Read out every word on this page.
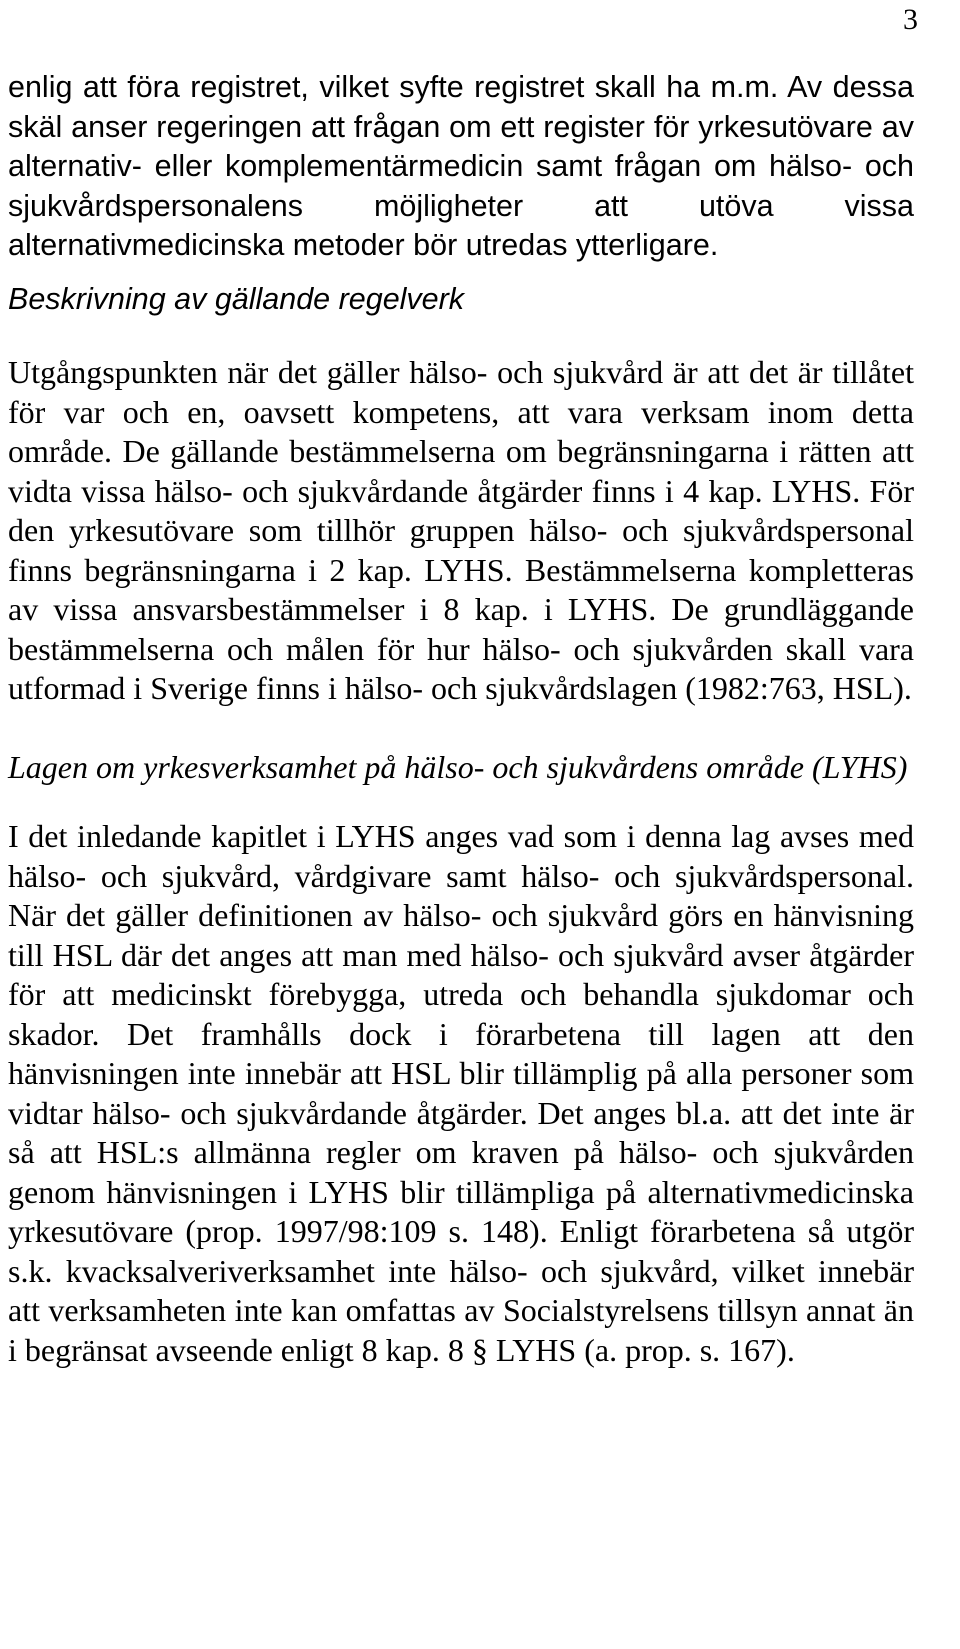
3

enlig att föra registret, vilket syfte registret skall ha m.m. Av dessa skäl anser regeringen att frågan om ett register för yrkesutövare av alternativ- eller komplementärmedicin samt frågan om hälso- och sjukvårdspersonalens möjligheter att utöva vissa alternativmedicinska metoder bör utredas ytterligare.

Beskrivning av gällande regelverk

Utgångspunkten när det gäller hälso- och sjukvård är att det är tillåtet för var och en, oavsett kompetens, att vara verksam inom detta område. De gällande bestämmelserna om begränsningarna i rätten att vidta vissa hälso- och sjukvårdande åtgärder finns i 4 kap. LYHS. För den yrkesutövare som tillhör gruppen hälso- och sjukvårdspersonal finns begränsningarna i 2 kap. LYHS. Bestämmelserna kompletteras av vissa ansvarsbestämmelser i 8 kap. i LYHS. De grundläggande bestämmelserna och målen för hur hälso- och sjukvården skall vara utformad i Sverige finns i hälso- och sjukvårdslagen (1982:763, HSL).

Lagen om yrkesverksamhet på hälso- och sjukvårdens område (LYHS)

I det inledande kapitlet i LYHS anges vad som i denna lag avses med hälso- och sjukvård, vårdgivare samt hälso- och sjukvårdspersonal. När det gäller definitionen av hälso- och sjukvård görs en hänvisning till HSL där det anges att man med hälso- och sjukvård avser åtgärder för att medicinskt förebygga, utreda och behandla sjukdomar och skador. Det framhålls dock i förarbetena till lagen att den hänvisningen inte innebär att HSL blir tillämplig på alla personer som vidtar hälso- och sjukvårdande åtgärder. Det anges bl.a. att det inte är så att HSL:s allmänna regler om kraven på hälso- och sjukvården genom hänvisningen i LYHS blir tillämpliga på alternativmedicinska yrkesutövare (prop. 1997/98:109 s. 148). Enligt förarbetena så utgör s.k. kvacksalveriverksamhet inte hälso- och sjukvård, vilket innebär att verksamheten inte kan omfattas av Socialstyrelsens tillsyn annat än i begränsat avseende enligt 8 kap. 8 § LYHS (a. prop. s. 167).
